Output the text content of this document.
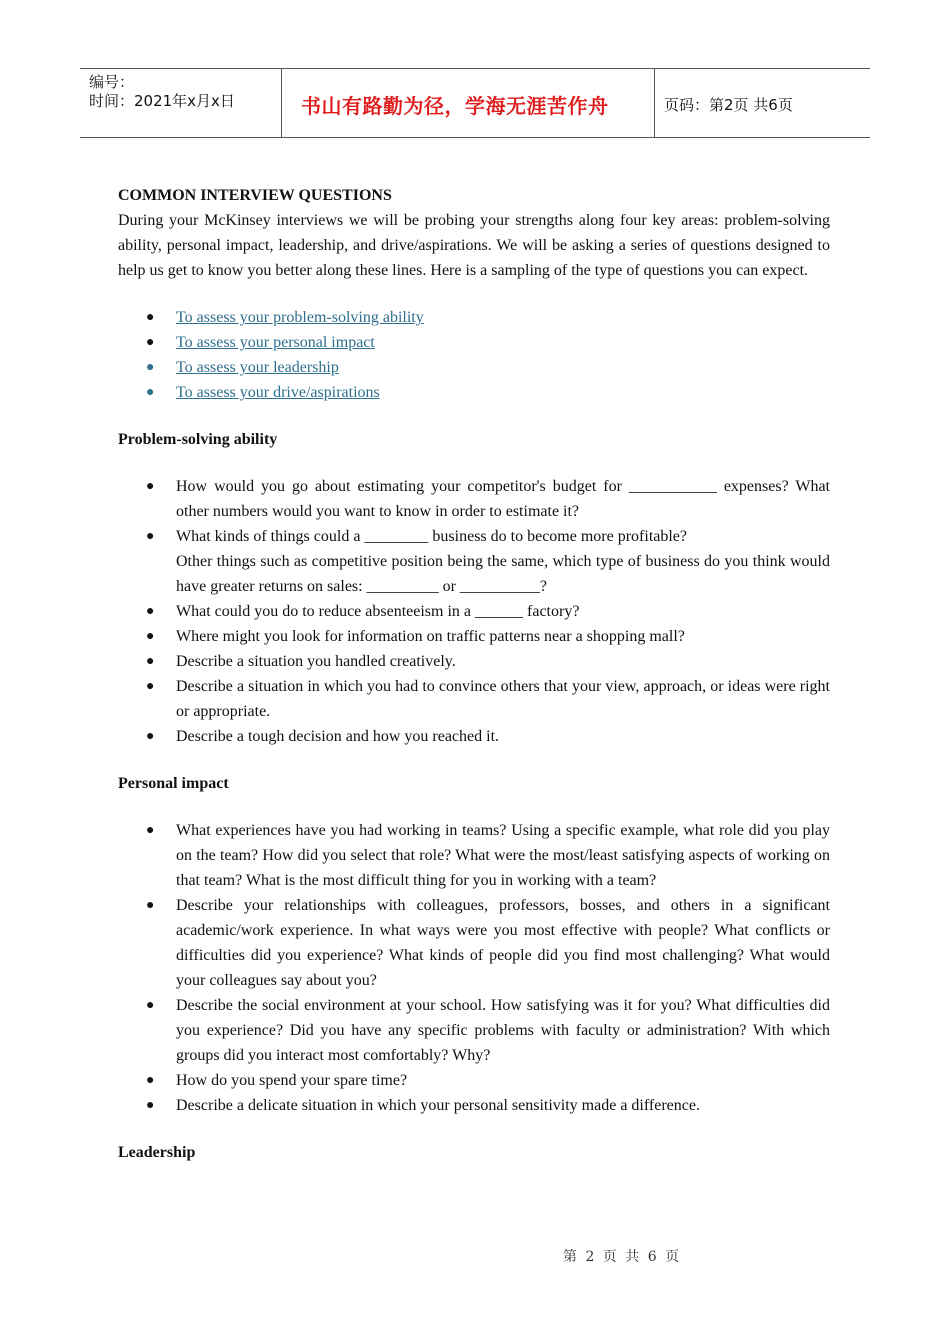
编号：
时间：2021年x月x日	书山有路勤为径，学海无涯苦作舟	页码：第2页 共6页

COMMON INTERVIEW QUESTIONS

During your McKinsey interviews we will be probing your strengths along four key areas: problem-solving ability, personal impact, leadership, and drive/aspirations. We will be asking a series of questions designed to help us get to know you better along these lines. Here is a sampling of the type of questions you can expect.

● To assess your problem-solving ability
● To assess your personal impact
● To assess your leadership
● To assess your drive/aspirations

Problem-solving ability

● How would you go about estimating your competitor's budget for ___________ expenses? What other numbers would you want to know in order to estimate it?
● What kinds of things could a ________ business do to become more profitable?
Other things such as competitive position being the same, which type of business do you think would have greater returns on sales: _________ or __________?
● What could you do to reduce absenteeism in a ______ factory?
● Where might you look for information on traffic patterns near a shopping mall?
● Describe a situation you handled creatively.
● Describe a situation in which you had to convince others that your view, approach, or ideas were right or appropriate.
● Describe a tough decision and how you reached it.

Personal impact

● What experiences have you had working in teams? Using a specific example, what role did you play on the team? How did you select that role? What were the most/least satisfying aspects of working on that team? What is the most difficult thing for you in working with a team?
● Describe your relationships with colleagues, professors, bosses, and others in a significant academic/work experience. In what ways were you most effective with people? What conflicts or difficulties did you experience? What kinds of people did you find most challenging? What would your colleagues say about you?
● Describe the social environment at your school. How satisfying was it for you? What difficulties did you experience? Did you have any specific problems with faculty or administration? With which groups did you interact most comfortably? Why?
● How do you spend your spare time?
● Describe a delicate situation in which your personal sensitivity made a difference.

Leadership

第 2 页 共 6 页
